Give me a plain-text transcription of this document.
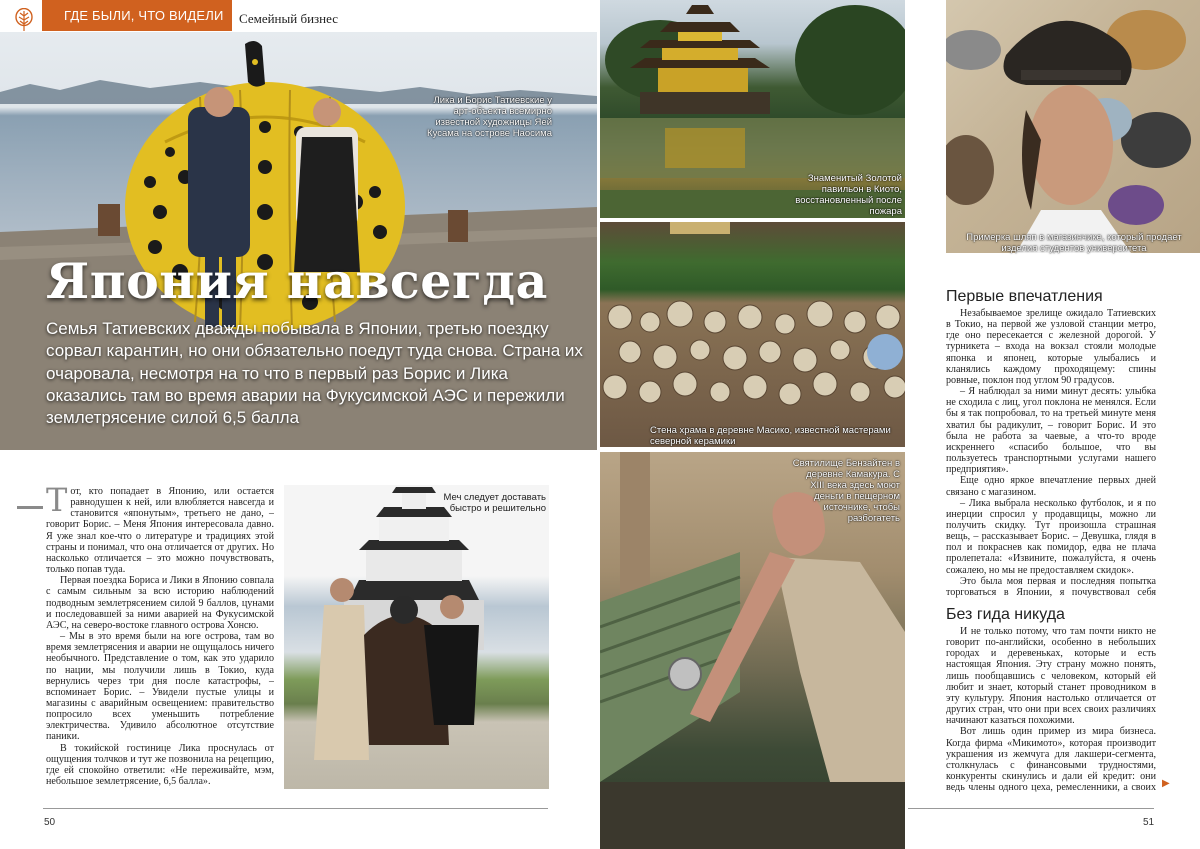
ГДЕ БЫЛИ, ЧТО ВИДЕЛИ	Семейный бизнес
Лика и Борис Татиевские у арт-объекта всемирно известной художницы Яёй Кусама на острове Наосима
Япония навсегда
Семья Татиевских дважды побывала в Японии, третью поездку сорвал карантин, но они обязательно поедут туда снова. Страна их очаровала, несмотря на то что в первый раз Борис и Лика оказались там во время аварии на Фукусимской АЭС и пережили землетрясение силой 6,5 балла
Знаменитый Золотой павильон в Киото, восстановленный после пожара
Примерка шляп в магазинчике, который продает изделия студентов университета
Стена храма в деревне Масико, известной мастерами северной керамики
Святилище Бензайтен в деревне Камакура. С XIII века здесь моют деньги в пещерном источнике, чтобы разбогатеть
Меч следует доставать быстро и решительно

Тот, кто попадает в Японию, или остается равнодушен к ней, или влюбляется навсегда и становится «японутым», третьего не дано, – говорит Борис. – Меня Япония интересовала давно. Я уже знал кое-что о литературе и традициях этой страны и понимал, что она отличается от других. Но насколько отличается – это можно почувствовать, только попав туда.

Первая поездка Бориса и Лики в Японию совпала с самым сильным за всю историю наблюдений подводным землетрясением силой 9 баллов, цунами и последовавшей за ними аварией на Фукусимской АЭС, на северо-востоке главного острова Хонсю.

– Мы в это время были на юге острова, там во время землетрясения и аварии не ощущалось ничего необычного. Представление о том, как это ударило по нации, мы получили лишь в Токио, куда вернулись через три дня после катастрофы, – вспоминает Борис. – Увидели пустые улицы и магазины с аварийным освещением: правительство попросило всех уменьшить потребление электричества. Удивило абсолютное отсутствие паники.

В токийской гостинице Лика проснулась от ощущения толчков и тут же позвонила на рецепцию, где ей спокойно ответили: «Не переживайте, мэм, небольшое землетрясение, 6,5 балла».

Первые впечатления

Незабываемое зрелище ожидало Татиевских в Токио, на первой же узловой станции метро, где оно пересекается с железной дорогой. У турникета – входа на вокзал стояли молодые японка и японец, которые улыбались и кланялись каждому проходящему: спины ровные, поклон под углом 90 градусов.

– Я наблюдал за ними минут десять: улыбка не сходила с лиц, угол поклона не менялся. Если бы я так попробовал, то на третьей минуте меня хватил бы радикулит, – говорит Борис. И это была не работа за чаевые, а что-то вроде искреннего «спасибо большое, что вы пользуетесь транспортными услугами нашего предприятия».

Еще одно яркое впечатление первых дней связано с магазином.

– Лика выбрала несколько футболок, и я по инерции спросил у продавщицы, можно ли получить скидку. Тут произошла страшная вещь, – рассказывает Борис. – Девушка, глядя в пол и покраснев как помидор, едва не плача пролепетала: «Извините, пожалуйста, я очень сожалею, но мы не предоставляем скидок».

Это была моя первая и последняя попытка торговаться в Японии, я почувствовал себя

Без гида никуда

И не только потому, что там почти никто не говорит по-английски, особенно в небольших городах и деревеньках, которые и есть настоящая Япония. Эту страну можно понять, лишь пообщавшись с человеком, который ей любит и знает, который станет проводником в эту культуру. Япония настолько отличается от других стран, что они при всех своих различиях начинают казаться похожими.

Вот лишь один пример из мира бизнеса. Когда фирма «Микимото», которая производит украшения из жемчуга для лакшери-сегмента, столкнулась с финансовыми трудностями, конкуренты скинулись и дали ей кредит: они ведь члены одного цеха, ремесленники, а своих ▶
50	51
